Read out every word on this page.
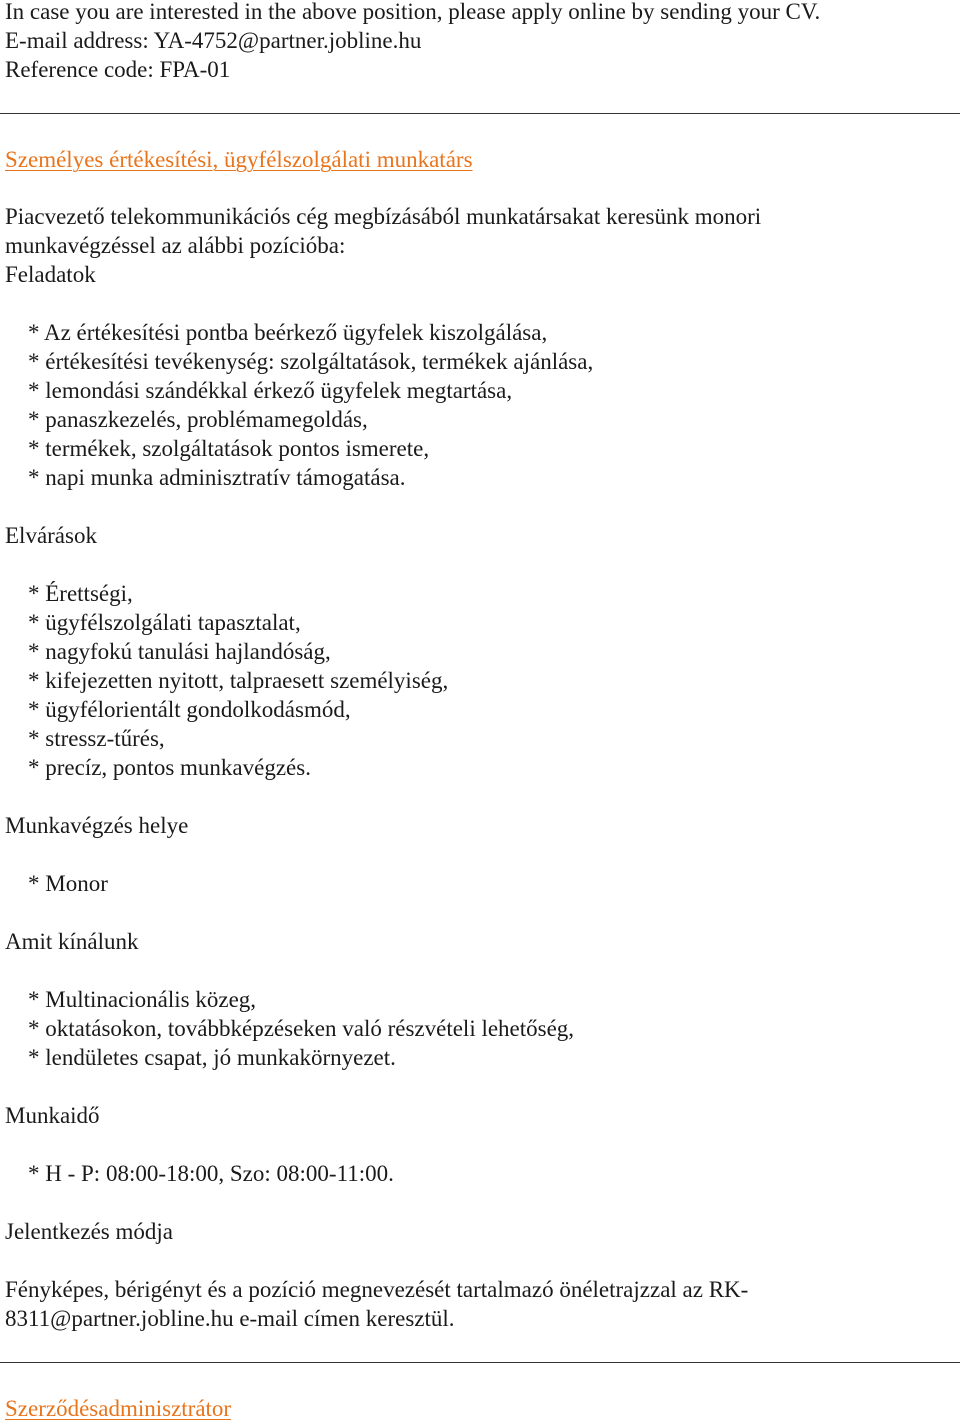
In case you are interested in the above position, please apply online by sending your CV.
E-mail address: YA-4752@partner.jobline.hu
Reference code: FPA-01
Személyes értékesítési, ügyfélszolgálati munkatárs
Piacvezető telekommunikációs cég megbízásából munkatársakat keresünk monori
munkavégzéssel az alábbi pozícióba:
Feladatok
* Az értékesítési pontba beérkező ügyfelek kiszolgálása,
* értékesítési tevékenység: szolgáltatások, termékek ajánlása,
* lemondási szándékkal érkező ügyfelek megtartása,
* panaszkezelés, problémamegoldás,
* termékek, szolgáltatások pontos ismerete,
* napi munka adminisztratív támogatása.
Elvárások
* Érettségi,
* ügyfélszolgálati tapasztalat,
* nagyfokú tanulási hajlandóság,
* kifejezetten nyitott, talpraesett személyiség,
* ügyfélorientált gondolkodásmód,
* stressz-tűrés,
* precíz, pontos munkavégzés.
Munkavégzés helye
* Monor
Amit kínálunk
* Multinacionális közeg,
* oktatásokon, továbbképzéseken való részvételi lehetőség,
* lendületes csapat, jó munkakörnyezet.
Munkaidő
* H - P: 08:00-18:00, Szo: 08:00-11:00.
Jelentkezés módja
Fényképes, bérigényt és a pozíció megnevezését tartalmazó önéletrajzzal az RK-
8311@partner.jobline.hu e-mail címen keresztül.
Szerződésadminisztrátor
